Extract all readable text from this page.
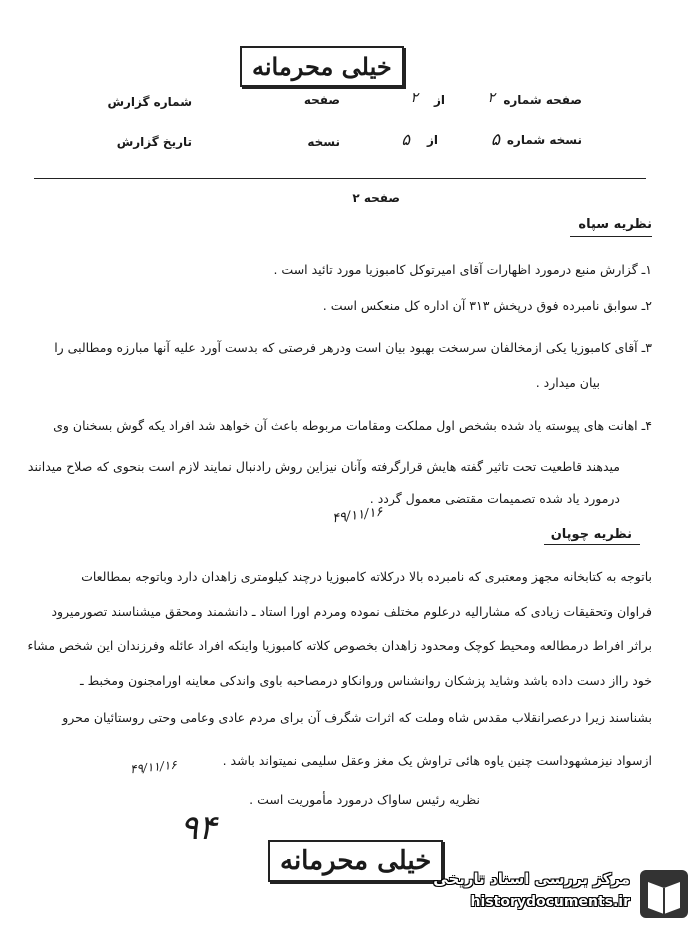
خیلی محرمانه
صفحه شماره
۲
از
۲
صفحه
شماره گزارش
نسخه شماره
۵
از
۵
نسخه
تاریخ گزارش
صفحه ۲
نظریه سپاه
۱ـ گزارش منبع درمورد اظهارات آقای امیرتوکل کامبوزیا مورد تائید است .
۲ـ سوابق نامبرده فوق درپخش ۳۱۳ آن اداره کل منعکس است .
۳ـ آقای کامبوزیا یکی ازمخالفان سرسخت بهبود بیان است ودرهر فرصتی که بدست آورد علیه آنها مبارزه ومطالبی را
بیان میدارد .
۴ـ اهانت های پیوسته یاد شده بشخص اول مملکت ومقامات مربوطه باعث آن خواهد شد افراد یکه گوش بسخنان وی
میدهند قاطعیت تحت تاثیر گفته هایش قرارگرفته وآنان نیزاین روش رادنبال نمایند لازم است بنحوی که صلاح میدانند
درمورد یاد شده تصمیمات مقتضی معمول گردد .
۴۹/۱۱/۱۶
نظریه چوپان
باتوجه به کتابخانه مجهز ومعتبری که نامبرده بالا درکلاته کامبوزیا درچند کیلومتری زاهدان دارد وباتوجه بمطالعات
فراوان وتحقیقات زیادی که مشارالیه درعلوم مختلف نموده ومردم اورا استاد ـ دانشمند ومحقق میشناسند تصورمیرود
براثر افراط درمطالعه ومحیط کوچک ومحدود زاهدان بخصوص کلاته کامبوزیا واینکه افراد عائله وفرزندان این شخص مشاء
خود رااز دست داده باشد وشاید پزشکان روانشناس وروانکاو درمصاحبه باوی واندکی معاینه اورامجنون ومخبط ـ
بشناسند زیرا درعصرانقلاب مقدس شاه وملت که اثرات شگرف آن برای مردم عادی وعامی وحتی روستائیان محرو
ازسواد نیزمشهوداست چنین یاوه هائی تراوش یک مغز وعقل سلیمی نمیتواند باشد .
نظریه رئیس ساواک درمورد مأموریت است .
۴۹/۱۱/۱۶
۹۴
خیلی محرمانه
مرکز بررسی اسناد تاریخی
historydocuments.ir
